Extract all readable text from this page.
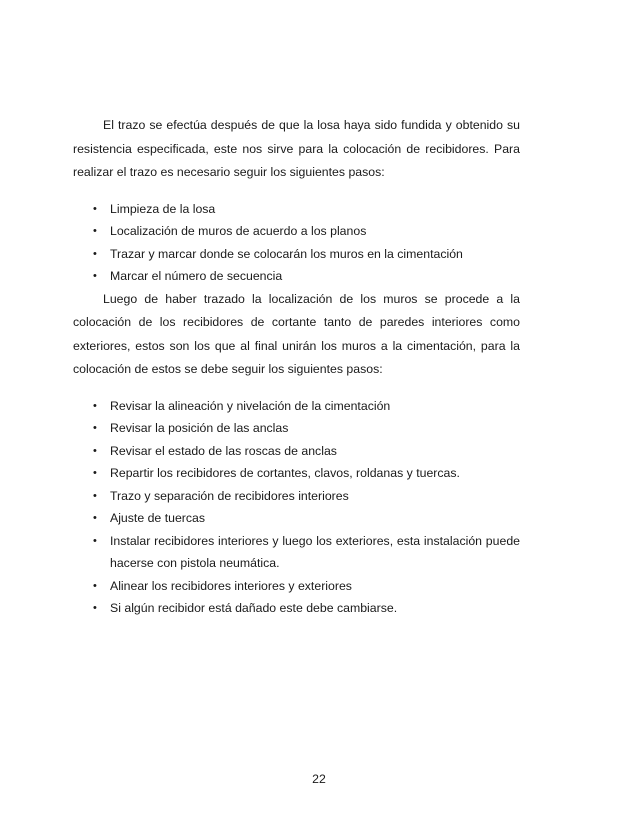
El trazo se efectúa después de que la losa haya sido fundida y obtenido su resistencia especificada, este nos sirve para la colocación de recibidores. Para realizar el trazo es necesario seguir los siguientes pasos:

• Limpieza de la losa
• Localización de muros de acuerdo a los planos
• Trazar y marcar donde se colocarán los muros en la cimentación
• Marcar el número de secuencia

Luego de haber trazado la localización de los muros se procede a la colocación de los recibidores de cortante tanto de paredes interiores como exteriores, estos son los que al final unirán los muros a la cimentación, para la colocación de estos se debe seguir los siguientes pasos:

• Revisar la alineación y nivelación de la cimentación
• Revisar la posición de las anclas
• Revisar el estado de las roscas de anclas
• Repartir los recibidores de cortantes, clavos, roldanas y tuercas.
• Trazo y separación de recibidores interiores
• Ajuste de tuercas
• Instalar recibidores interiores y luego los exteriores, esta instalación puede hacerse con pistola neumática.
• Alinear los recibidores interiores y exteriores
• Si algún recibidor está dañado este debe cambiarse.
22
